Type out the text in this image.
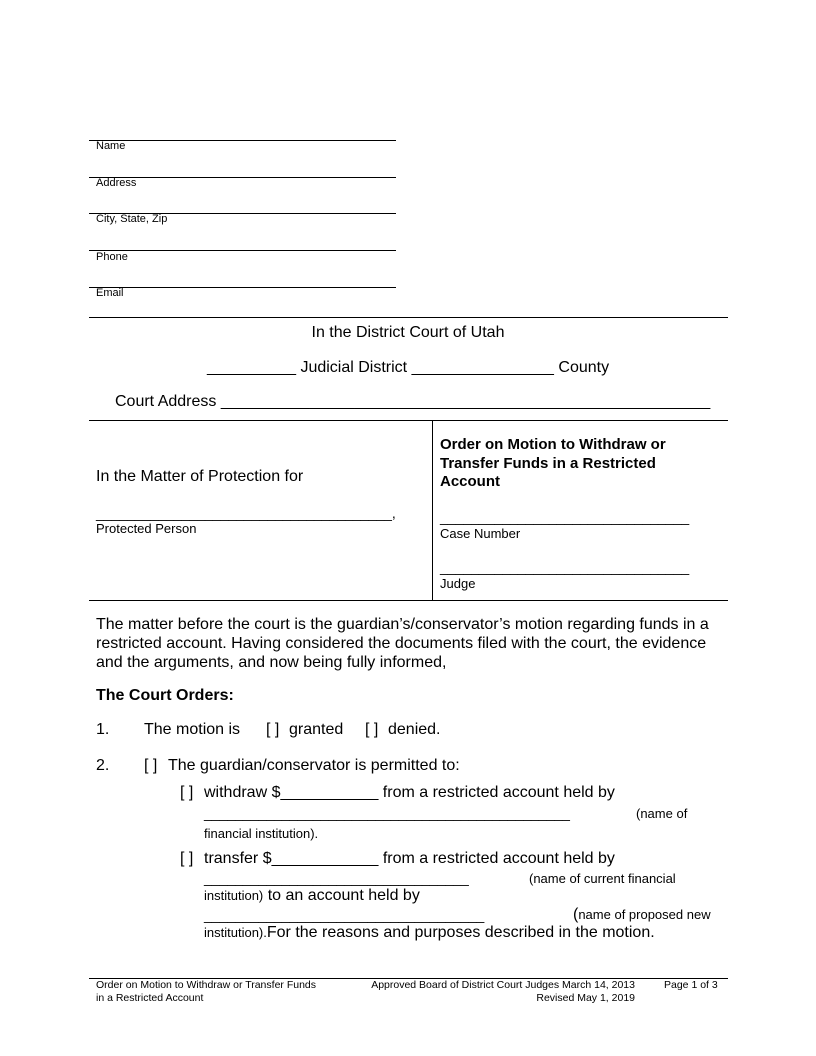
Name
Address
City, State, Zip
Phone
Email
In the District Court of Utah
__________ Judicial District ________________ County
Court Address _______________________________________________________
In the Matter of Protection for
______________________________________,
Protected Person
Order on Motion to Withdraw or
Transfer Funds in a Restricted
Account
________________________________
Case Number
________________________________
Judge
The matter before the court is the guardian’s/conservator’s motion regarding funds in a
restricted account. Having considered the documents filed with the court, the evidence
and the arguments, and now being fully informed,
The Court Orders:
1. The motion is [ ] granted [ ] denied.
2. [ ] The guardian/conservator is permitted to:
[ ] withdraw $___________ from a restricted account held by
_______________________________________________	(name of
financial institution).
[ ] transfer $____________ from a restricted account held by
__________________________________	(name of current financial
institution) to an account held by
____________________________________	(name of proposed new
institution).For the reasons and purposes described in the motion.
Order on Motion to Withdraw or Transfer Funds
in a Restricted Account
Approved Board of District Court Judges March 14, 2013
Revised May 1, 2019
Page 1 of 3
